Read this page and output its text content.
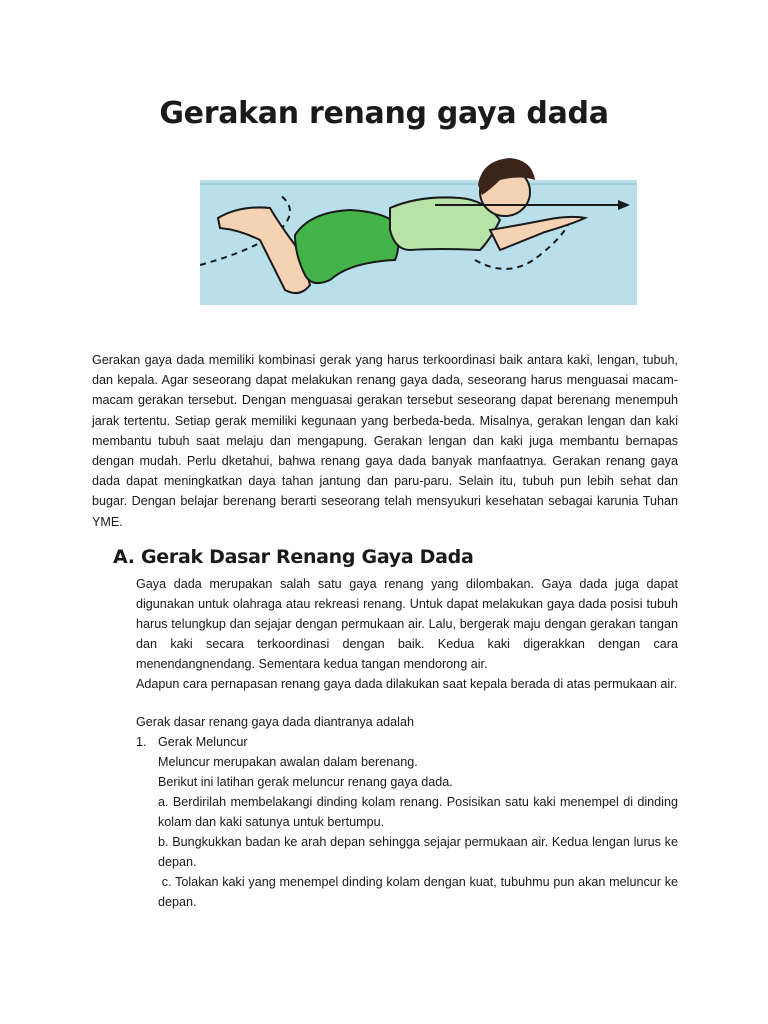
Gerakan renang gaya dada

Gerakan gaya dada memiliki kombinasi gerak yang harus terkoordinasi baik antara kaki, lengan, tubuh, dan kepala. Agar seseorang dapat melakukan renang gaya dada, seseorang harus menguasai macam-macam gerakan tersebut. Dengan menguasai gerakan tersebut seseorang dapat berenang menempuh jarak tertentu. Setiap gerak memiliki kegunaan yang berbeda-beda. Misalnya, gerakan lengan dan kaki membantu tubuh saat melaju dan mengapung. Gerakan lengan dan kaki juga membantu bernapas dengan mudah. Perlu dketahui, bahwa renang gaya dada banyak manfaatnya. Gerakan renang gaya dada dapat meningkatkan daya tahan jantung dan paru-paru. Selain itu, tubuh pun lebih sehat dan bugar. Dengan belajar berenang berarti seseorang telah mensyukuri kesehatan sebagai karunia Tuhan YME.

A. Gerak Dasar Renang Gaya Dada

Gaya dada merupakan salah satu gaya renang yang dilombakan. Gaya dada juga dapat digunakan untuk olahraga atau rekreasi renang. Untuk dapat melakukan gaya dada posisi tubuh harus telungkup dan sejajar dengan permukaan air. Lalu, bergerak maju dengan gerakan tangan dan kaki secara terkoordinasi dengan baik. Kedua kaki digerakkan dengan cara menendangnendang. Sementara kedua tangan mendorong air.

Adapun cara pernapasan renang gaya dada dilakukan saat kepala berada di atas permukaan air.

Gerak dasar renang gaya dada diantranya adalah

1. Gerak Meluncur

Meluncur merupakan awalan dalam berenang.

Berikut ini latihan gerak meluncur renang gaya dada.

a. Berdirilah membelakangi dinding kolam renang. Posisikan satu kaki menempel di dinding kolam dan kaki satunya untuk bertumpu.

b. Bungkukkan badan ke arah depan sehingga sejajar permukaan air. Kedua lengan lurus ke depan.

c. Tolakan kaki yang menempel dinding kolam dengan kuat, tubuhmu pun akan meluncur ke depan.
